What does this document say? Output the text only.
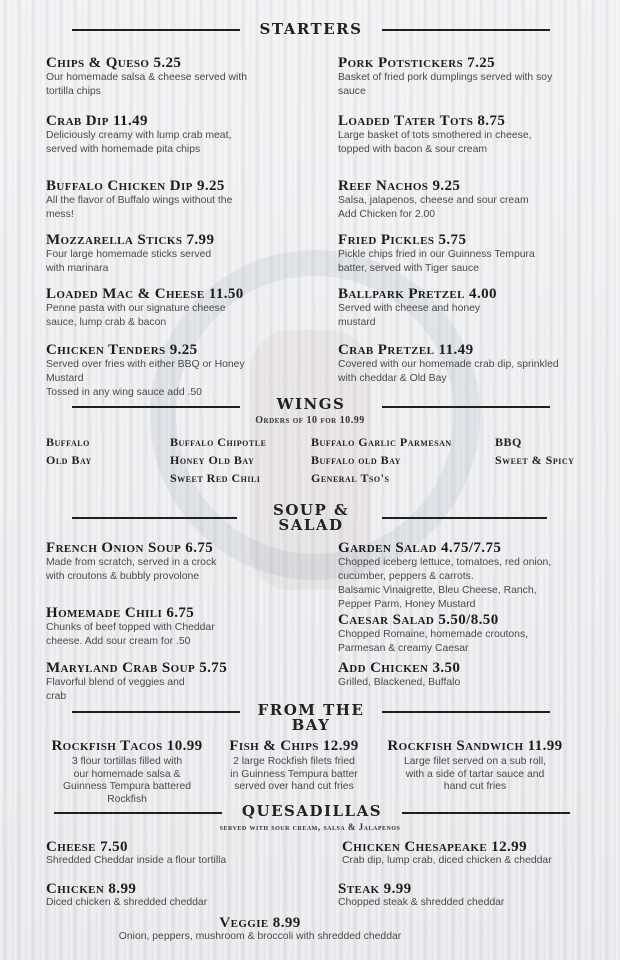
STARTERS
Chips & Queso 5.25
Our homemade salsa & cheese served with
tortilla chips
Crab Dip 11.49
Deliciously creamy with lump crab meat,
served with homemade pita chips
Buffalo Chicken Dip 9.25
All the flavor of Buffalo wings without the
mess!
Mozzarella Sticks 7.99
Four large homemade sticks served
with marinara
Loaded Mac & Cheese 11.50
Penne pasta with our signature cheese
sauce, lump crab & bacon
Chicken Tenders 9.25
Served over fries with either BBQ or Honey
Mustard
Tossed in any wing sauce add .50
Pork Potstickers 7.25
Basket of fried pork dumplings served with soy
sauce
Loaded Tater Tots 8.75
Large basket of tots smothered in cheese,
topped with bacon & sour cream
Reef Nachos 9.25
Salsa, jalapenos, cheese and sour cream
Add Chicken for 2.00
Fried Pickles 5.75
Pickle chips fried in our Guinness Tempura
batter, served with Tiger sauce
Ballpark Pretzel 4.00
Served with cheese and honey
mustard
Crab Pretzel 11.49
Covered with our homemade crab dip, sprinkled
with cheddar & Old Bay
WINGS
Orders of 10 for 10.99
Buffalo
Old Bay
Buffalo Chipotle
Honey Old Bay
Sweet Red Chili
Buffalo Garlic Parmesan
Buffalo old Bay
General Tso's
BBQ
Sweet & Spicy
SOUP &
SALAD
French Onion Soup 6.75
Made from scratch, served in a crock
with croutons & bubbly provolone
Homemade Chili 6.75
Chunks of beef topped with Cheddar
cheese. Add sour cream for .50
Maryland Crab Soup 5.75
Flavorful blend of veggies and
crab
Garden Salad 4.75/7.75
Chopped iceberg lettuce, tomatoes, red onion,
cucumber, peppers & carrots.
Balsamic Vinaigrette, Bleu Cheese, Ranch,
Pepper Parm, Honey Mustard
Caesar Salad 5.50/8.50
Chopped Romaine, homemade croutons,
Parmesan & creamy Caesar
Add Chicken 3.50
Grilled, Blackened, Buffalo
FROM THE
BAY
Rockfish Tacos 10.99
3 flour tortillas filled with
our homemade salsa &
Guinness Tempura battered
Rockfish
Fish & Chips 12.99
2 large Rockfish filets fried
in Guinness Tempura batter
served over hand cut fries
Rockfish Sandwich 11.99
Large filet served on a sub roll,
with a side of tartar sauce and
hand cut fries
QUESADILLAS
served with sour cream, salsa & Jalapenos
Cheese 7.50
Shredded Cheddar inside a flour tortilla
Chicken 8.99
Diced chicken & shredded cheddar
Chicken Chesapeake 12.99
Crab dip, lump crab, diced chicken & cheddar
Steak 9.99
Chopped steak & shredded cheddar
Veggie 8.99
Onion, peppers, mushroom & broccoli with shredded cheddar
